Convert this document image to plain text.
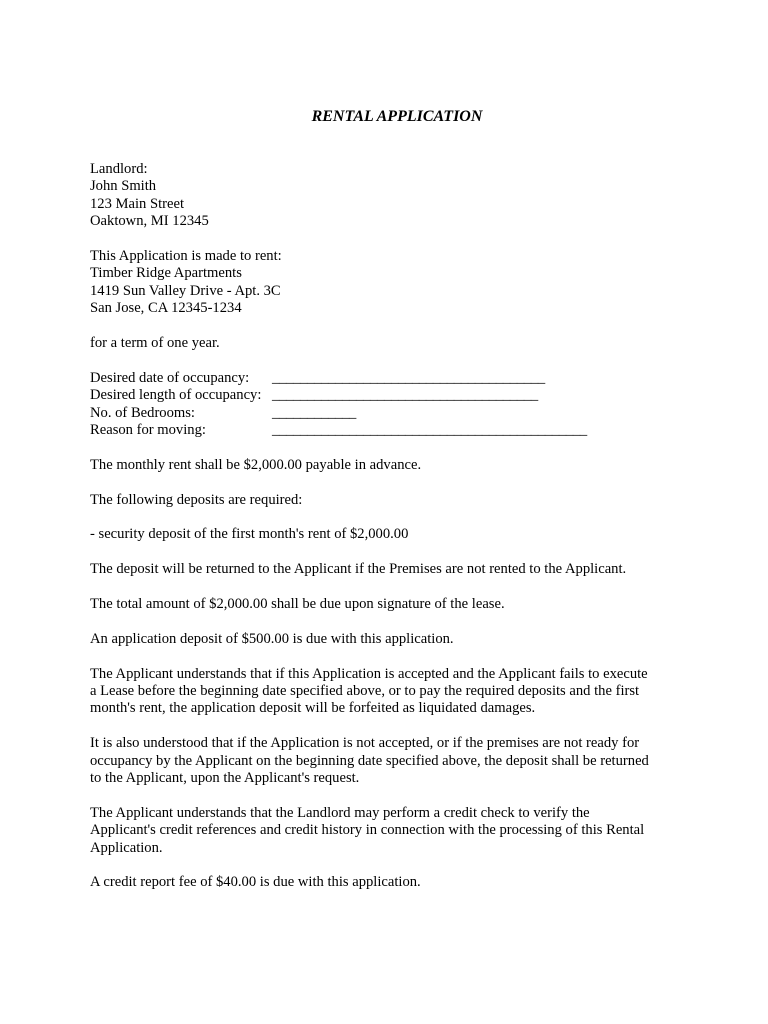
RENTAL APPLICATION
Landlord:
John Smith
123 Main Street
Oaktown, MI 12345
This Application is made to rent:
Timber Ridge Apartments
1419 Sun Valley Drive - Apt. 3C
San Jose, CA 12345-1234
for a term of one year.
Desired date of occupancy:	_______________________________________
Desired length of occupancy: ______________________________________
No. of Bedrooms:	____________
Reason for moving:	_____________________________________________

The monthly rent shall be $2,000.00 payable in advance.

The following deposits are required:

- security deposit of the first month's rent of $2,000.00

The deposit will be returned to the Applicant if the Premises are not rented to the Applicant.

The total amount of $2,000.00 shall be due upon signature of the lease.

An application deposit of $500.00 is due with this application.

The Applicant understands that if this Application is accepted and the Applicant fails to execute a Lease before the beginning date specified above, or to pay the required deposits and the first month's rent, the application deposit will be forfeited as liquidated damages.

It is also understood that if the Application is not accepted, or if the premises are not ready for occupancy by the Applicant on the beginning date specified above, the deposit shall be returned to the Applicant, upon the Applicant's request.

The Applicant understands that the Landlord may perform a credit check to verify the Applicant's credit references and credit history in connection with the processing of this Rental Application.

A credit report fee of $40.00 is due with this application.
